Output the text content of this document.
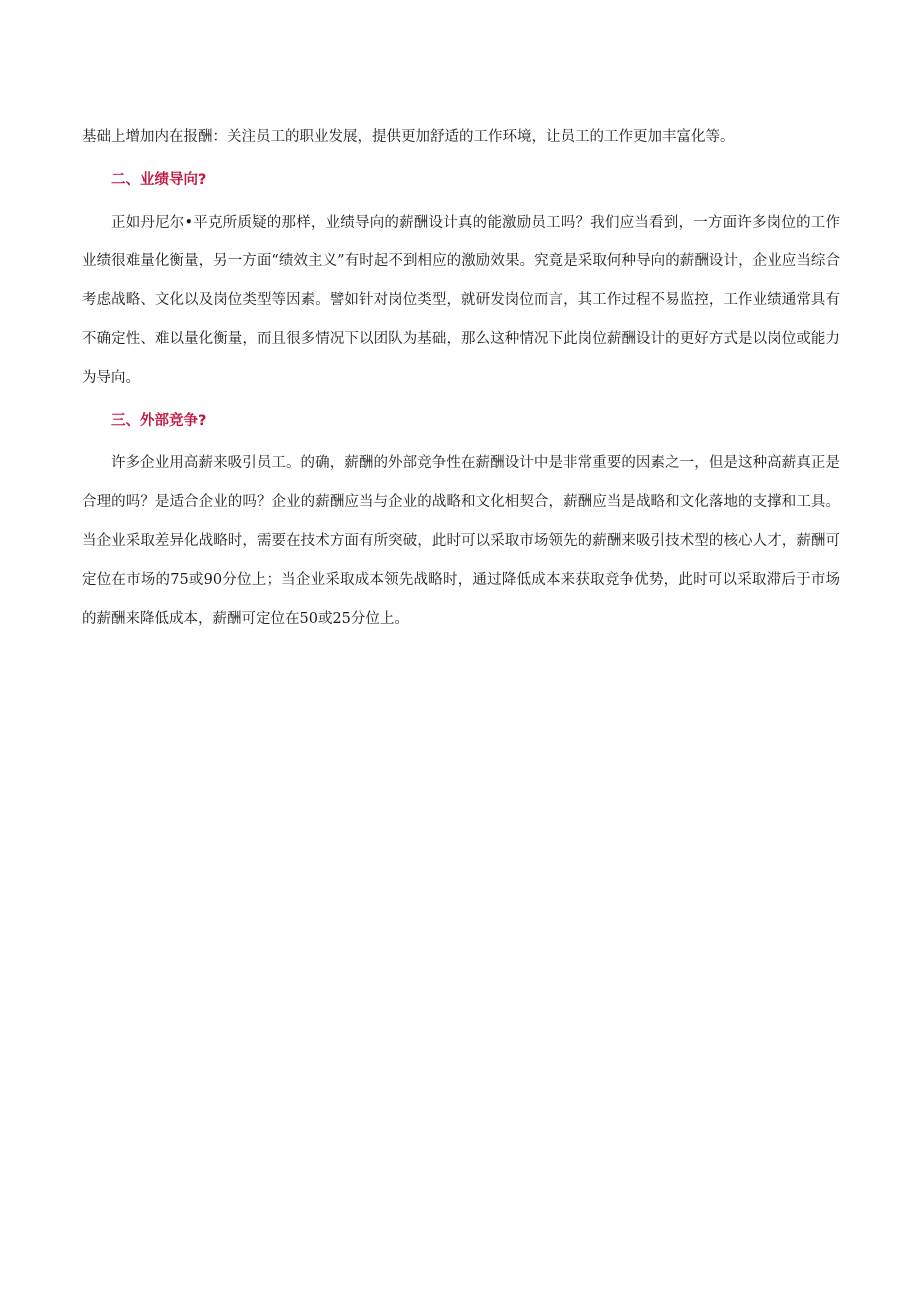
基础上增加内在报酬：关注员工的职业发展，提供更加舒适的工作环境，让员工的工作更加丰富化等。

二、业绩导向?

正如丹尼尔•平克所质疑的那样，业绩导向的薪酬设计真的能激励员工吗？我们应当看到，一方面许多岗位的工作业绩很难量化衡量，另一方面“绩效主义”有时起不到相应的激励效果。究竟是采取何种导向的薪酬设计，企业应当综合考虑战略、文化以及岗位类型等因素。譬如针对岗位类型，就研发岗位而言，其工作过程不易监控，工作业绩通常具有不确定性、难以量化衡量，而且很多情况下以团队为基础，那么这种情况下此岗位薪酬设计的更好方式是以岗位或能力为导向。

三、外部竞争?

许多企业用高薪来吸引员工。的确，薪酬的外部竞争性在薪酬设计中是非常重要的因素之一，但是这种高薪真正是合理的吗？是适合企业的吗？企业的薪酬应当与企业的战略和文化相契合，薪酬应当是战略和文化落地的支撑和工具。当企业采取差异化战略时，需要在技术方面有所突破，此时可以采取市场领先的薪酬来吸引技术型的核心人才，薪酬可定位在市场的75或90分位上；当企业采取成本领先战略时，通过降低成本来获取竞争优势，此时可以采取滞后于市场的薪酬来降低成本，薪酬可定位在50或25分位上。
